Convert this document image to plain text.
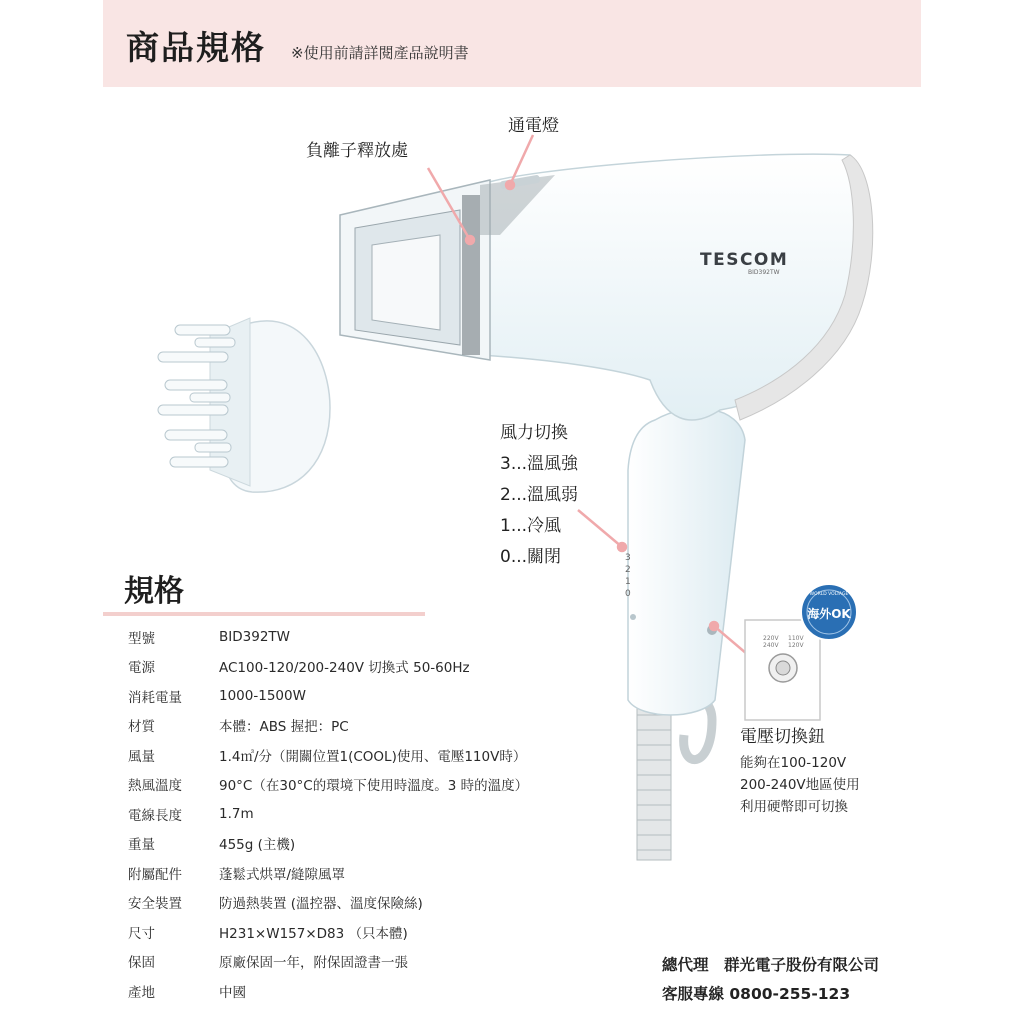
商品規格 ※使用前請詳閱產品說明書
3
2
1
0
TESCOM
BID392TW
220V 110V
240V 120V
WORLD VOLTAGE
海外OK
負離子釋放處
通電燈
風力切換
3...溫風強
2...溫風弱
1...冷風
0...關閉
規格
型號	BID392TW
電源	AC100-120/200-240V 切換式 50-60Hz
消耗電量	1000-1500W
材質	本體：ABS 握把：PC
風量	1.4㎥/分（開關位置1(COOL)使用、電壓110V時）
熱風溫度	90°C（在30°C的環境下使用時溫度。3 時的溫度）
電線長度	1.7m
重量	455g (主機)
附屬配件	蓬鬆式烘罩/縫隙風罩
安全裝置	防過熱裝置 (溫控器、溫度保險絲)
尺寸	H231×W157×D83 （只本體)
保固	原廠保固一年，附保固證書一張
產地	中國
電壓切換鈕
能夠在100-120V
200-240V地區使用
利用硬幣即可切換
總代理　群光電子股份有限公司
客服專線 0800-255-123
